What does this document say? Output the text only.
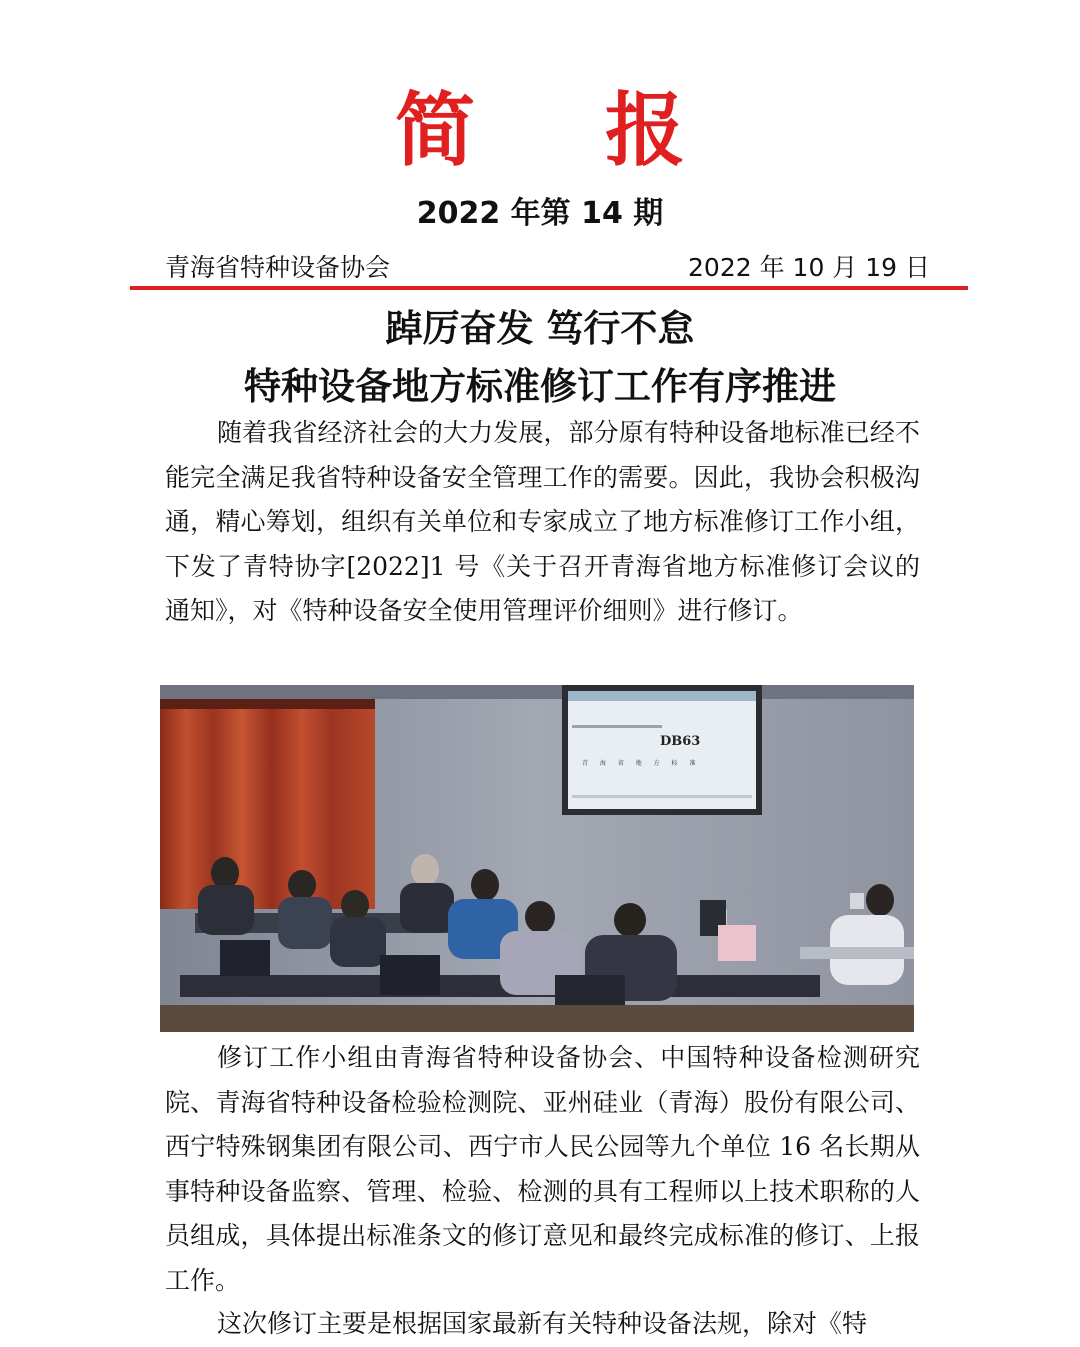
简报
2022 年第 14 期
青海省特种设备协会	2022 年 10 月 19 日
踔厉奋发 笃行不怠
特种设备地方标准修订工作有序推进

随着我省经济社会的大力发展，部分原有特种设备地标准已经不能完全满足我省特种设备安全管理工作的需要。因此，我协会积极沟通，精心筹划，组织有关单位和专家成立了地方标准修订工作小组，下发了青特协字[2022]1 号《关于召开青海省地方标准修订会议的通知》，对《特种设备安全使用管理评价细则》进行修订。

DB63
青 海 省 地 方 标 准

修订工作小组由青海省特种设备协会、中国特种设备检测研究院、青海省特种设备检验检测院、亚州硅业（青海）股份有限公司、西宁特殊钢集团有限公司、西宁市人民公园等九个单位 16 名长期从事特种设备监察、管理、检验、检测的具有工程师以上技术职称的人员组成，具体提出标准条文的修订意见和最终完成标准的修订、上报工作。

这次修订主要是根据国家最新有关特种设备法规，除对《特
